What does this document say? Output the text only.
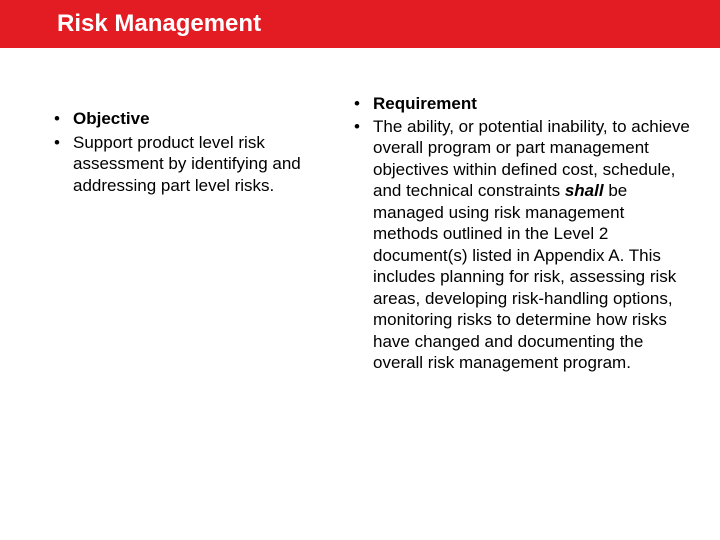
Risk Management
• Objective
• Support product level risk assessment by identifying and addressing part level risks.
• Requirement
• The ability, or potential inability, to achieve overall program or part management objectives within defined cost, schedule, and technical constraints shall be managed using risk management methods outlined in the Level 2 document(s) listed in Appendix A. This includes planning for risk, assessing risk areas, developing risk-handling options, monitoring risks to determine how risks have changed and documenting the overall risk management program.
